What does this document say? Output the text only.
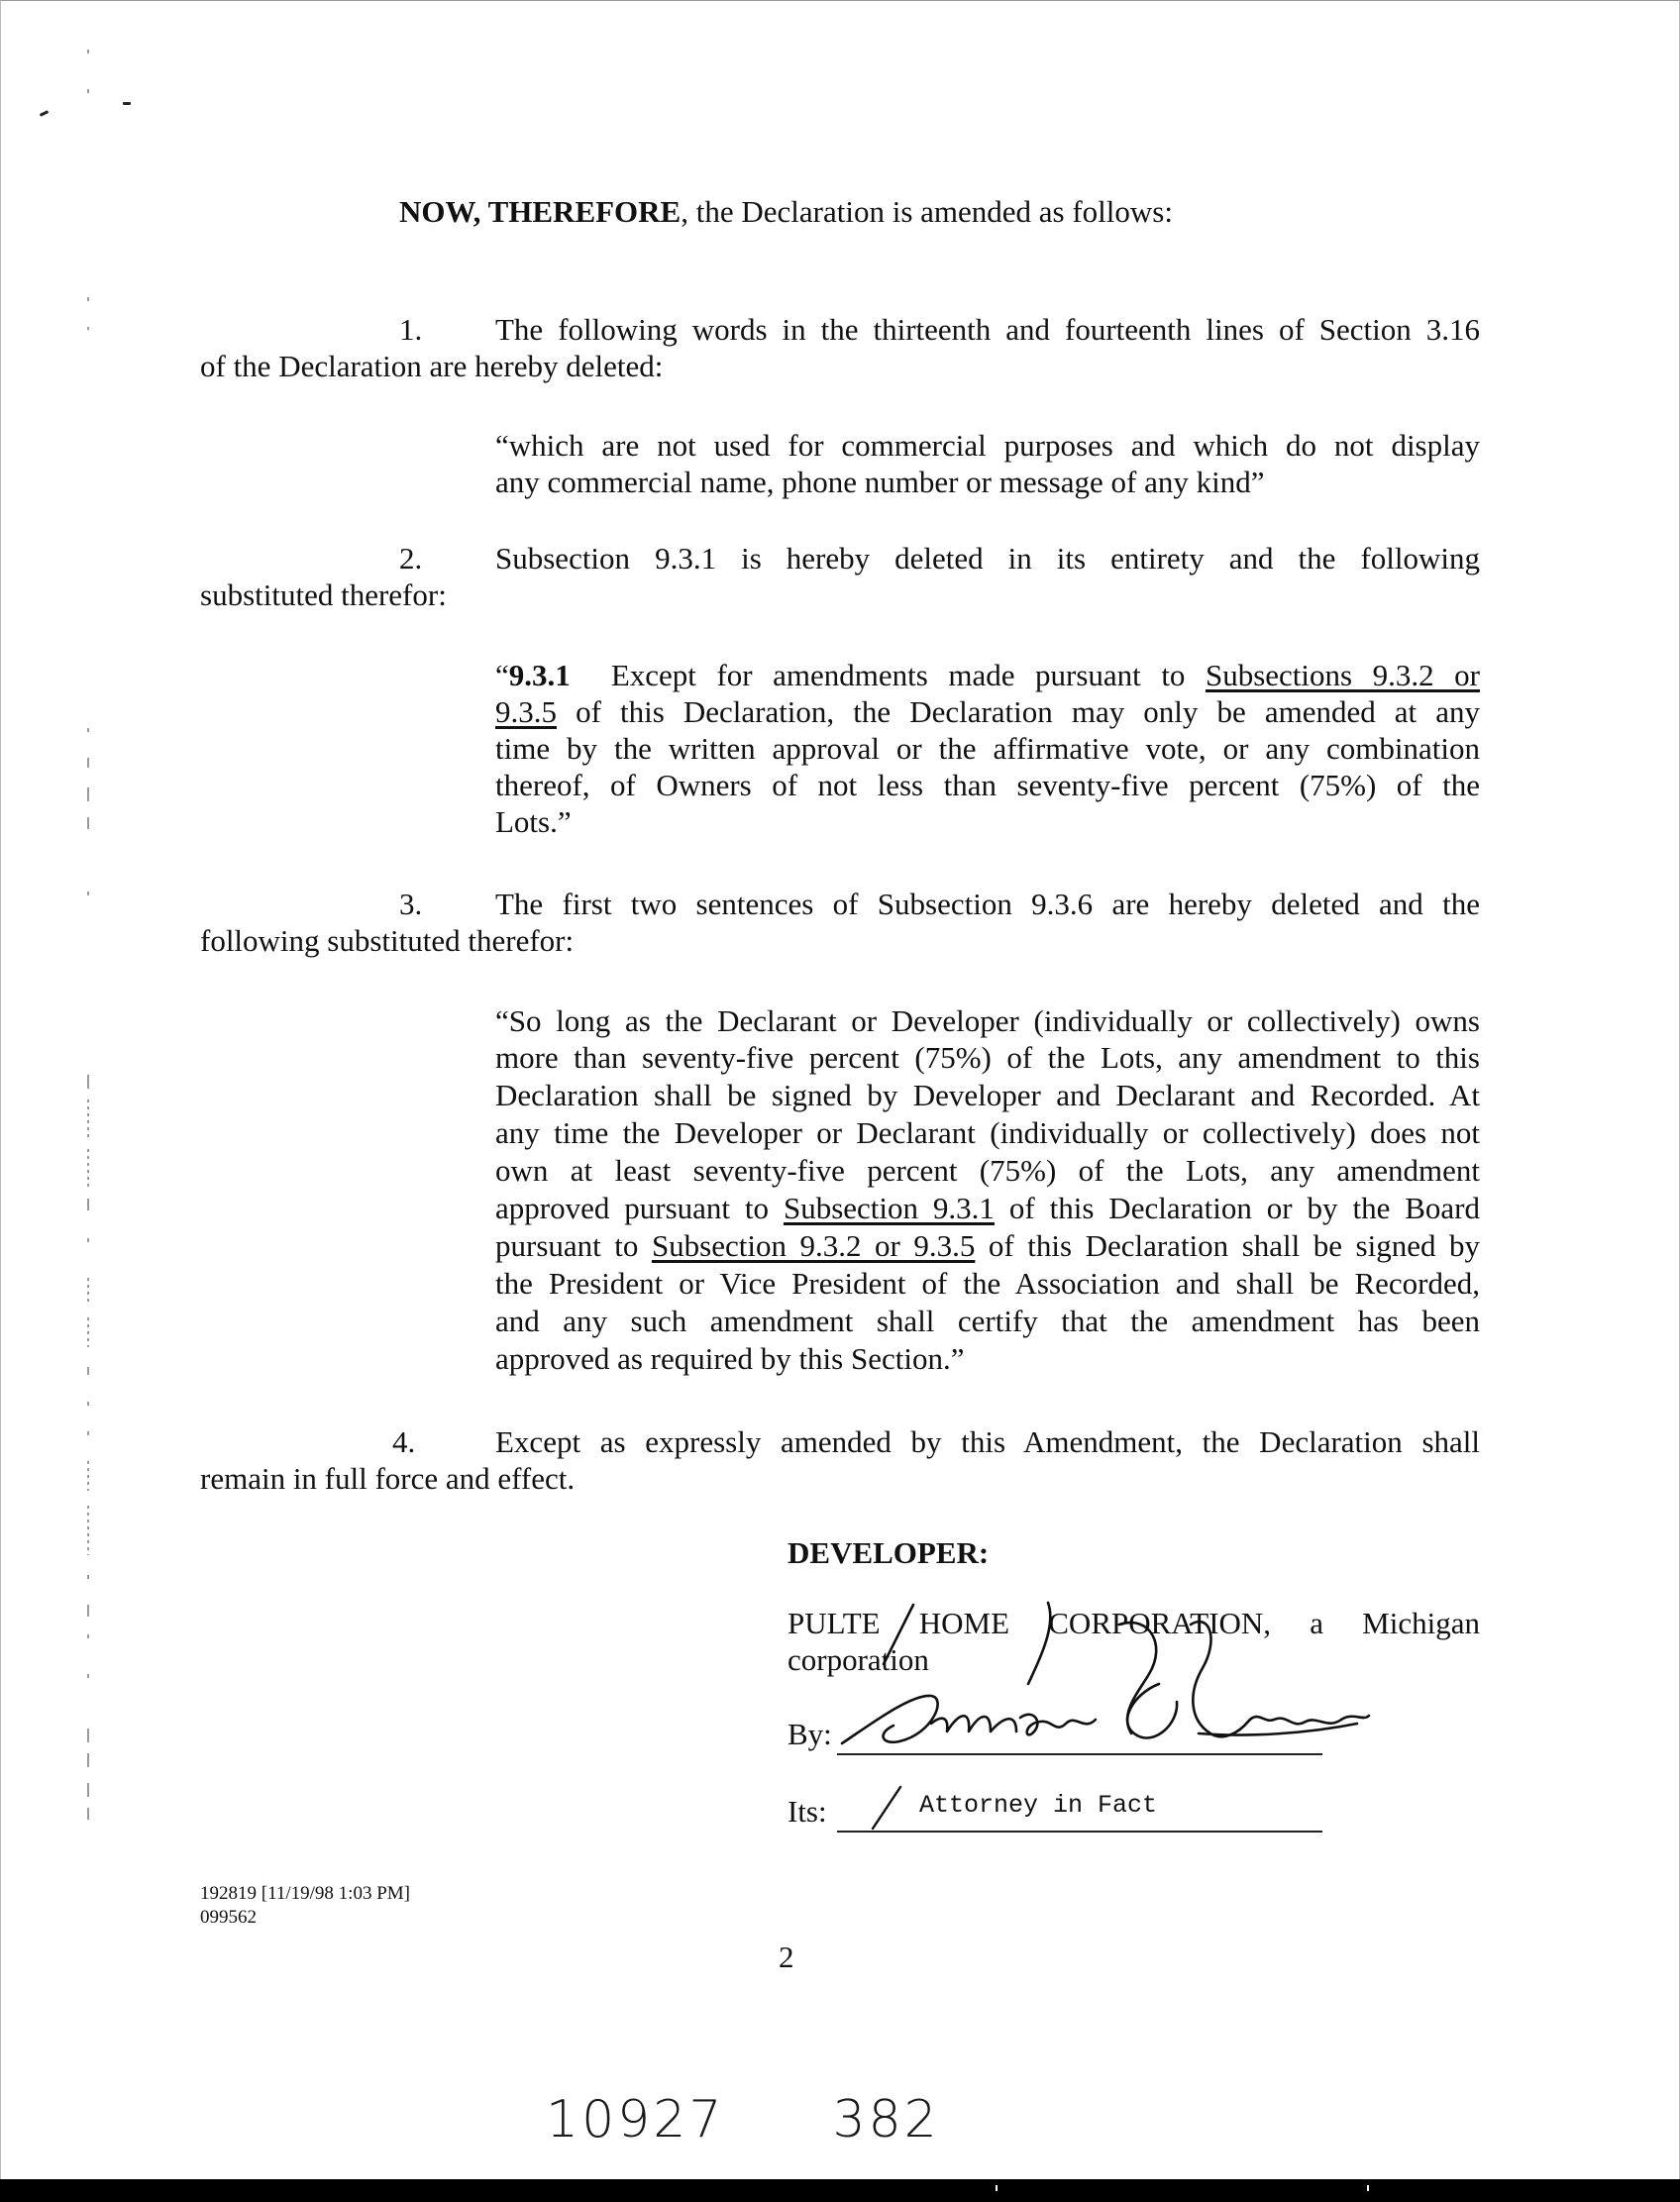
NOW, THEREFORE, the Declaration is amended as follows:
1. The following words in the thirteenth and fourteenth lines of Section 3.16
of the Declaration are hereby deleted:
“which are not used for commercial purposes and which do not display
any commercial name, phone number or message of any kind”
2. Subsection 9.3.1 is hereby deleted in its entirety and the following
substituted therefor:
“9.3.1 Except for amendments made pursuant to Subsections 9.3.2 or
9.3.5 of this Declaration, the Declaration may only be amended at any
time by the written approval or the affirmative vote, or any combination
thereof, of Owners of not less than seventy-five percent (75%) of the
Lots.”
3. The first two sentences of Subsection 9.3.6 are hereby deleted and the
following substituted therefor:
“So long as the Declarant or Developer (individually or collectively) owns
more than seventy-five percent (75%) of the Lots, any amendment to this
Declaration shall be signed by Developer and Declarant and Recorded. At
any time the Developer or Declarant (individually or collectively) does not
own at least seventy-five percent (75%) of the Lots, any amendment
approved pursuant to Subsection 9.3.1 of this Declaration or by the Board
pursuant to Subsection 9.3.2 or 9.3.5 of this Declaration shall be signed by
the President or Vice President of the Association and shall be Recorded,
and any such amendment shall certify that the amendment has been
approved as required by this Section.”
4.	Except as expressly amended by this Amendment, the Declaration shall
remain in full force and effect.
DEVELOPER:
PULTE HOME CORPORATION, a Michigan
corporation
By:
Its:	Attorney in Fact
192819 [11/19/98 1:03 PM]
099562
2
10927 382
